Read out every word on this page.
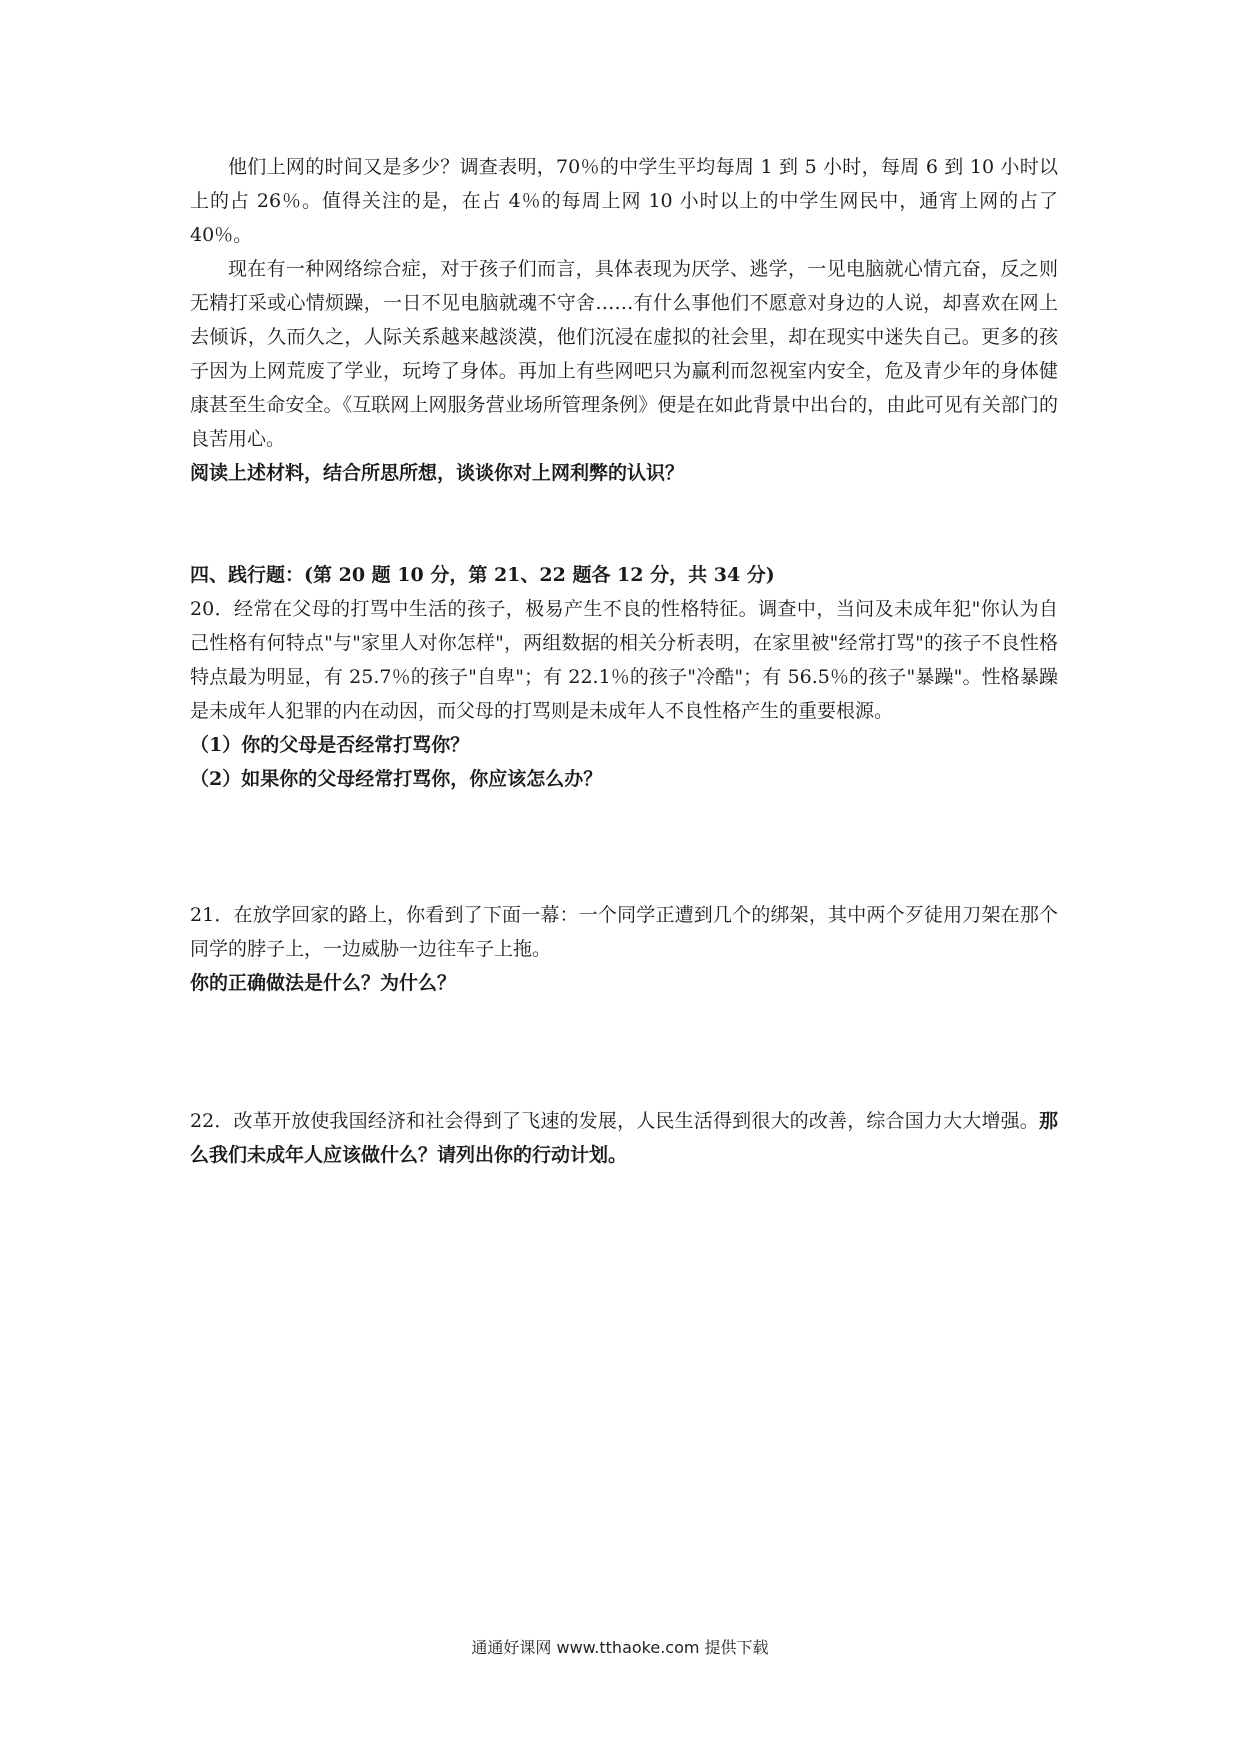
他们上网的时间又是多少？调查表明，70％的中学生平均每周 1 到 5 小时，每周 6 到 10 小时以上的占 26％。值得关注的是，在占 4％的每周上网 10 小时以上的中学生网民中，通宵上网的占了 40％。

现在有一种网络综合症，对于孩子们而言，具体表现为厌学、逃学，一见电脑就心情亢奋，反之则无精打采或心情烦躁，一日不见电脑就魂不守舍……有什么事他们不愿意对身边的人说，却喜欢在网上去倾诉，久而久之，人际关系越来越淡漠，他们沉浸在虚拟的社会里，却在现实中迷失自己。更多的孩子因为上网荒废了学业，玩垮了身体。再加上有些网吧只为赢利而忽视室内安全，危及青少年的身体健康甚至生命安全。《互联网上网服务营业场所管理条例》便是在如此背景中出台的，由此可见有关部门的良苦用心。

阅读上述材料，结合所思所想，谈谈你对上网利弊的认识？

四、践行题：(第 20 题 10 分，第 21、22 题各 12 分，共 34 分)

20．经常在父母的打骂中生活的孩子，极易产生不良的性格特征。调查中，当问及未成年犯"你认为自己性格有何特点"与"家里人对你怎样"，两组数据的相关分析表明，在家里被"经常打骂"的孩子不良性格特点最为明显，有 25.7％的孩子"自卑"；有 22.1％的孩子"冷酷"；有 56.5％的孩子"暴躁"。性格暴躁是未成年人犯罪的内在动因，而父母的打骂则是未成年人不良性格产生的重要根源。

（1）你的父母是否经常打骂你？

（2）如果你的父母经常打骂你，你应该怎么办？

21．在放学回家的路上，你看到了下面一幕：一个同学正遭到几个的绑架，其中两个歹徒用刀架在那个同学的脖子上，一边威胁一边往车子上拖。

你的正确做法是什么？为什么？

22．改革开放使我国经济和社会得到了飞速的发展，人民生活得到很大的改善，综合国力大大增强。那么我们未成年人应该做什么？请列出你的行动计划。

通通好课网 www.tthaoke.com 提供下载
